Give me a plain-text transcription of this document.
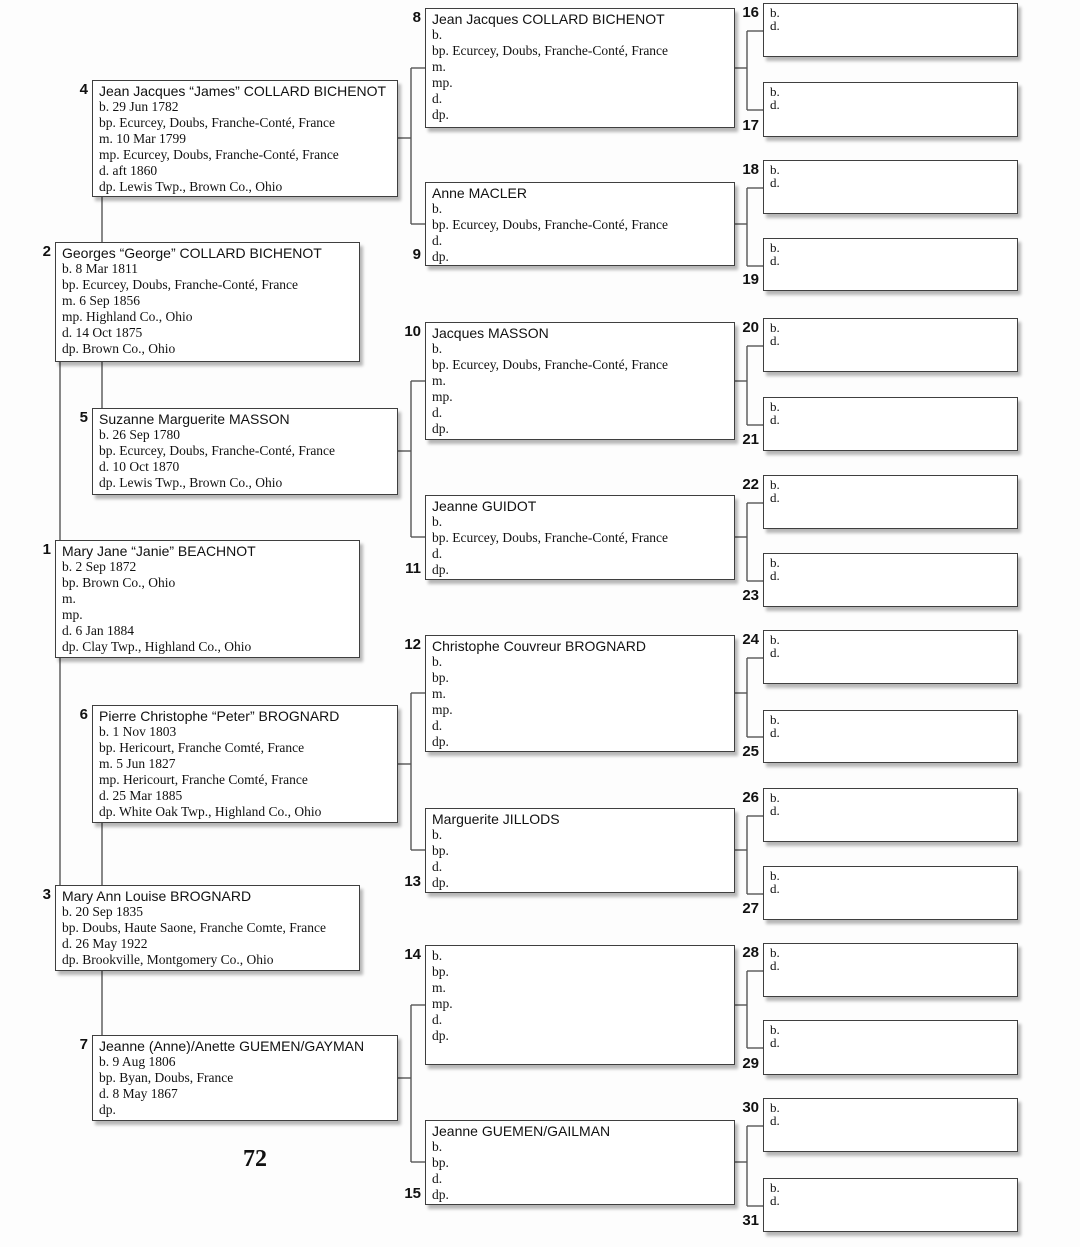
1 Mary Jane “Janie” BEACHNOT
b. 2 Sep 1872
bp. Brown Co., Ohio
m.
mp.
d. 6 Jan 1884
dp. Clay Twp., Highland Co., Ohio
2 Georges “George” COLLARD BICHENOT
b. 8 Mar 1811
bp. Ecurcey, Doubs, Franche-Conté, France
m. 6 Sep 1856
mp. Highland Co., Ohio
d. 14 Oct 1875
dp. Brown Co., Ohio
3 Mary Ann Louise BROGNARD
b. 20 Sep 1835
bp. Doubs, Haute Saone, Franche Comte, France
d. 26 May 1922
dp. Brookville, Montgomery Co., Ohio
4 Jean Jacques “James” COLLARD BICHENOT
b. 29 Jun 1782
bp. Ecurcey, Doubs, Franche-Conté, France
m. 10 Mar 1799
mp. Ecurcey, Doubs, Franche-Conté, France
d. aft 1860
dp. Lewis Twp., Brown Co., Ohio
5 Suzanne Marguerite MASSON
b. 26 Sep 1780
bp. Ecurcey, Doubs, Franche-Conté, France
d. 10 Oct 1870
dp. Lewis Twp., Brown Co., Ohio
6 Pierre Christophe “Peter” BROGNARD
b. 1 Nov 1803
bp. Hericourt, Franche Comté, France
m. 5 Jun 1827
mp. Hericourt, Franche Comté, France
d. 25 Mar 1885
dp. White Oak Twp., Highland Co., Ohio
7 Jeanne (Anne)/Anette GUEMEN/GAYMAN
b. 9 Aug 1806
bp. Byan, Doubs, France
d. 8 May 1867
dp.
8 Jean Jacques COLLARD BICHENOT
b.
bp. Ecurcey, Doubs, Franche-Conté, France
m.
mp.
d.
dp.
9
Anne MACLER
b.
bp. Ecurcey, Doubs, Franche-Conté, France
d.
dp.
10 Jacques MASSON
b.
bp. Ecurcey, Doubs, Franche-Conté, France
m.
mp.
d.
dp.
11
Jeanne GUIDOT
b.
bp. Ecurcey, Doubs, Franche-Conté, France
d.
dp.
12 Christophe Couvreur BROGNARD
b.
bp.
m.
mp.
d.
dp.
13
Marguerite JILLODS
b.
bp.
d.
dp.
14 b.
bp.
m.
mp.
d.
dp.
15
Jeanne GUEMEN/GAILMAN
b.
bp.
d.
dp.
16 b.
d.
17
b.
d.
18 b.
d.
19
b.
d.
20 b.
d.
21
b.
d.
22 b.
d.
23
b.
d.
24 b.
d.
25
b.
d.
26 b.
d.
27
b.
d.
28 b.
d.
29
b.
d.
30 b.
d.
31
b.
d.
72
